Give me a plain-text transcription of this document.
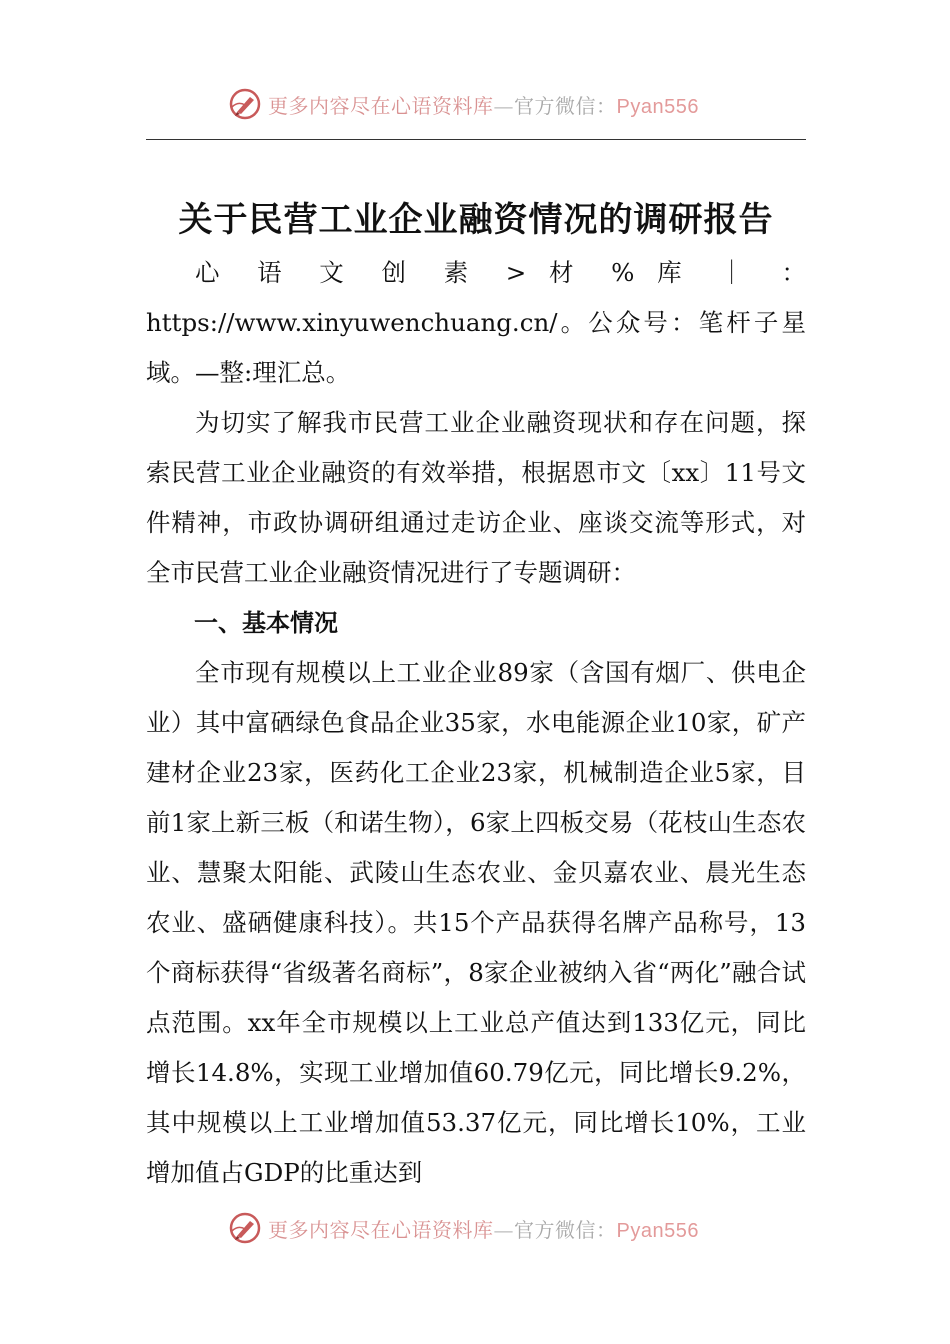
更多内容尽在心语资料库—官方微信：Pyan556
关于民营工业企业融资情况的调研报告

心 语 文 创 素 > 材 % 库 ｜ ： https://www.xinyuwenchuang.cn/。公众号：笔杆子星域。—整:理汇总。

为切实了解我市民营工业企业融资现状和存在问题，探索民营工业企业融资的有效举措，根据恩市文〔xx〕11号文件精神，市政协调研组通过走访企业、座谈交流等形式，对全市民营工业企业融资情况进行了专题调研：

一、基本情况

全市现有规模以上工业企业89家（含国有烟厂、供电企业）其中富硒绿色食品企业35家，水电能源企业10家，矿产建材企业23家，医药化工企业23家，机械制造企业5家，目前1家上新三板（和诺生物），6家上四板交易（花枝山生态农业、慧聚太阳能、武陵山生态农业、金贝嘉农业、晨光生态农业、盛硒健康科技）。共15个产品获得名牌产品称号，13个商标获得“省级著名商标”，8家企业被纳入省“两化”融合试点范围。xx年全市规模以上工业总产值达到133亿元，同比增长14.8%，实现工业增加值60.79亿元，同比增长9.2%，其中规模以上工业增加值53.37亿元，同比增长10%，工业增加值占GDP的比重达到

更多内容尽在心语资料库—官方微信：Pyan556
